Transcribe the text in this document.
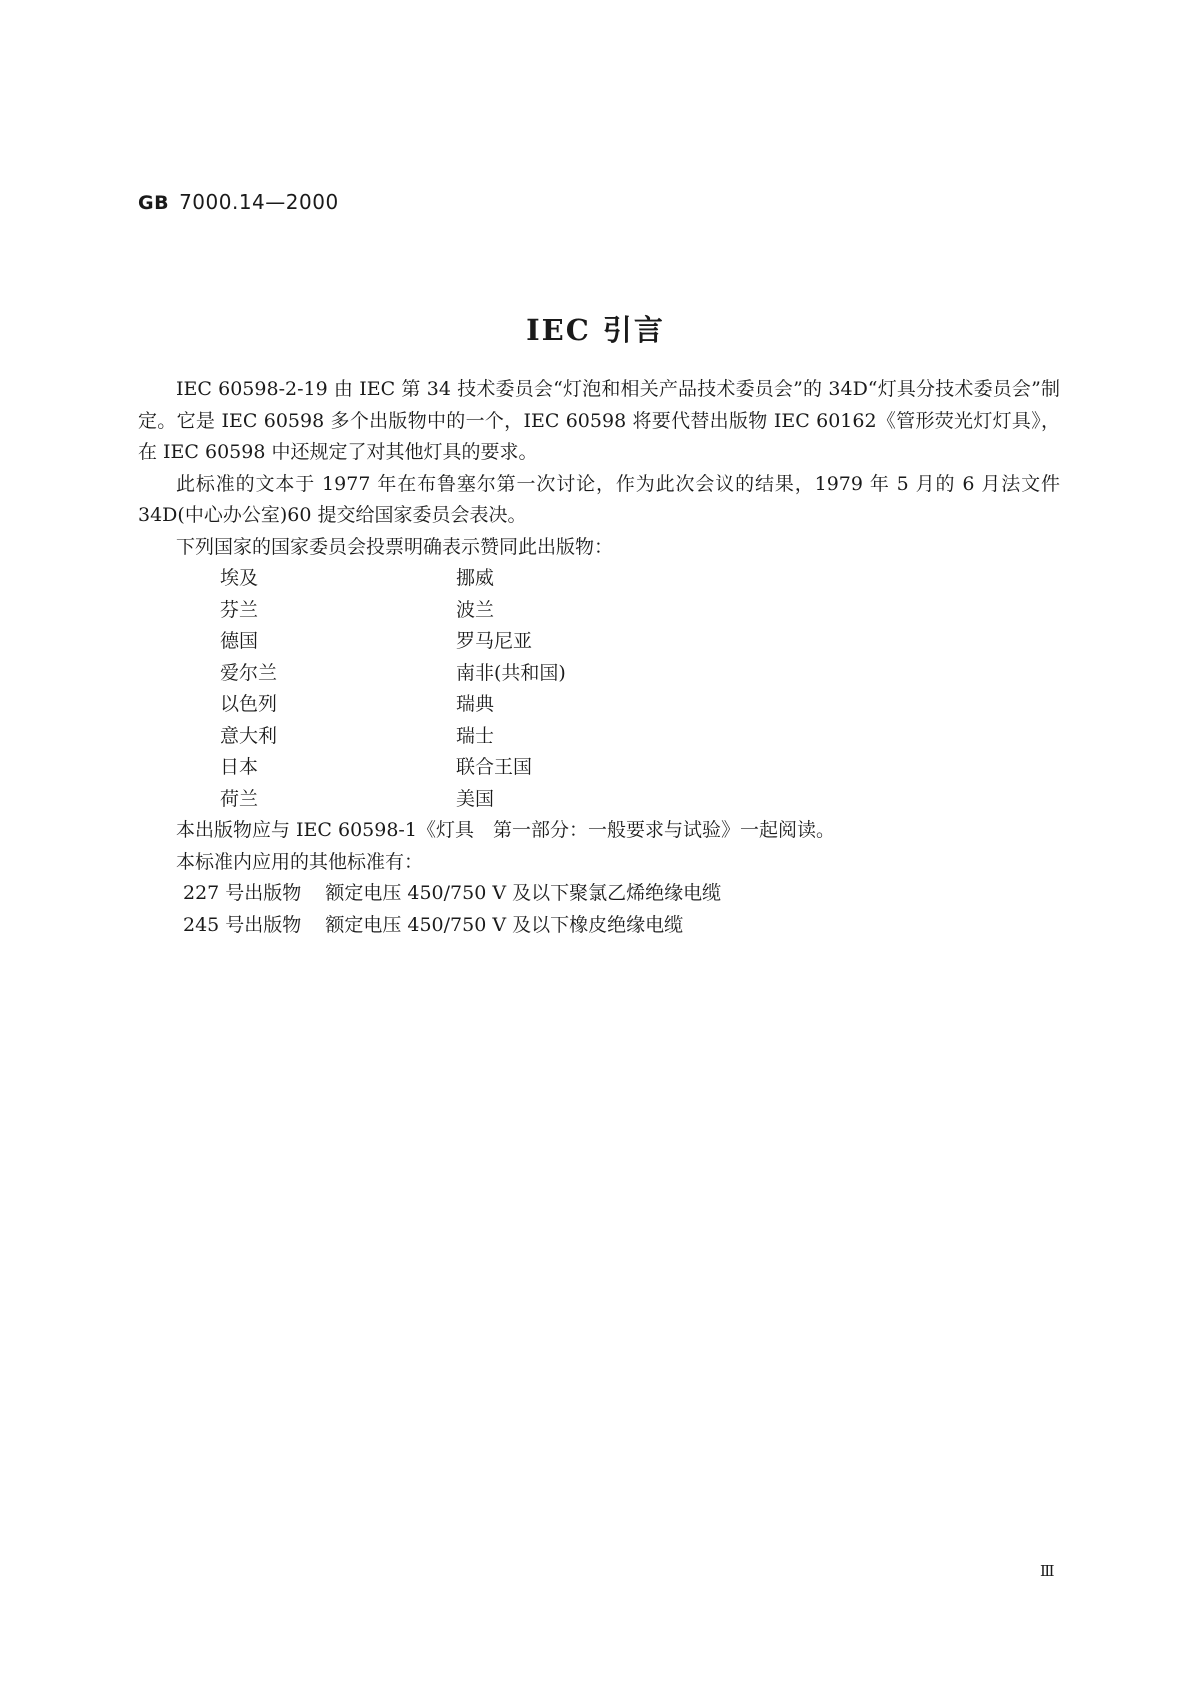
GB 7000.14—2000
IEC 引言

IEC 60598-2-19 由 IEC 第 34 技术委员会“灯泡和相关产品技术委员会”的 34D“灯具分技术委员会”制定。它是 IEC 60598 多个出版物中的一个，IEC 60598 将要代替出版物 IEC 60162《管形荧光灯灯具》，在 IEC 60598 中还规定了对其他灯具的要求。

此标准的文本于 1977 年在布鲁塞尔第一次讨论，作为此次会议的结果，1979 年 5 月的 6 月法文件 34D(中心办公室)60 提交给国家委员会表决。

下列国家的国家委员会投票明确表示赞同此出版物：

埃及	挪威
芬兰	波兰
德国	罗马尼亚
爱尔兰	南非(共和国)
以色列	瑞典
意大利	瑞士
日本	联合王国
荷兰	美国

本出版物应与 IEC 60598-1《灯具　第一部分：一般要求与试验》一起阅读。

本标准内应用的其他标准有：

227 号出版物 额定电压 450/750 V 及以下聚氯乙烯绝缘电缆

245 号出版物 额定电压 450/750 V 及以下橡皮绝缘电缆

Ⅲ
